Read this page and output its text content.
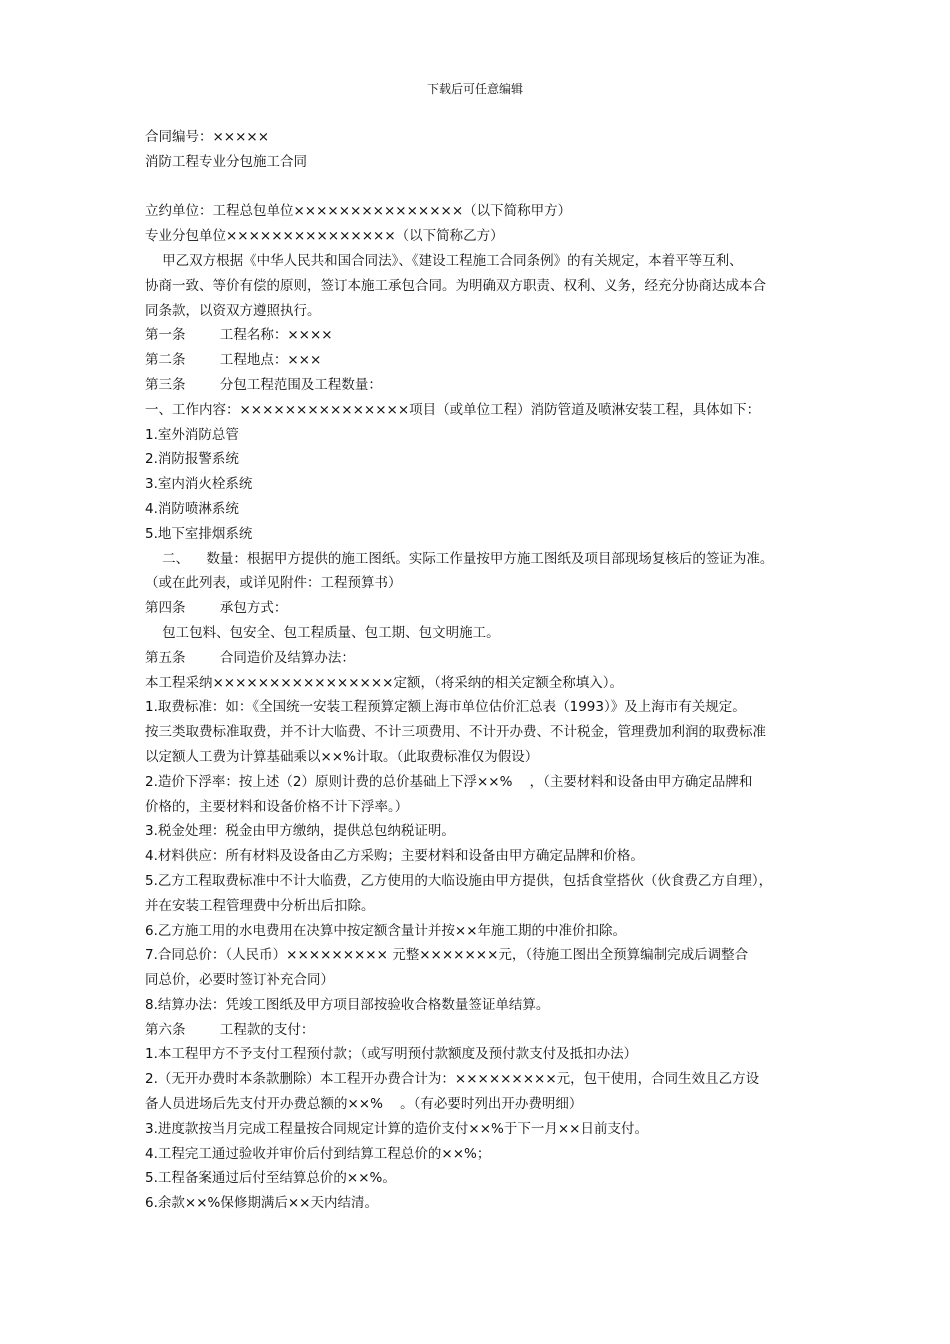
下载后可任意编辑
合同编号：×××××
消防工程专业分包施工合同
立约单位：工程总包单位×××××××××××××××（以下简称甲方）
专业分包单位×××××××××××××××（以下简称乙方）
甲乙双方根据《中华人民共和国合同法》、《建设工程施工合同条例》的有关规定，本着平等互利、
协商一致、等价有偿的原则，签订本施工承包合同。为明确双方职责、权利、义务，经充分协商达成本合
同条款，以资双方遵照执行。
第一条        工程名称：××××
第二条        工程地点：×××
第三条        分包工程范围及工程数量：
一、工作内容：×××××××××××××××项目（或单位工程）消防管道及喷淋安装工程，具体如下：
1.室外消防总管
2.消防报警系统
3.室内消火栓系统
4.消防喷淋系统
5.地下室排烟系统
二、    数量：根据甲方提供的施工图纸。实际工作量按甲方施工图纸及项目部现场复核后的签证为准。
（或在此列表，或详见附件：工程预算书）
第四条        承包方式：
包工包料、包安全、包工程质量、包工期、包文明施工。
第五条        合同造价及结算办法：
本工程采纳××××××××××××××××定额，（将采纳的相关定额全称填入）。
1.取费标准：如：《全国统一安装工程预算定额上海市单位估价汇总表（1993）》及上海市有关规定。
按三类取费标准取费，并不计大临费、不计三项费用、不计开办费、不计税金，管理费加利润的取费标准
以定额人工费为计算基础乘以××%计取。（此取费标准仅为假设）
2.造价下浮率：按上述（2）原则计费的总价基础上下浮××%    ，（主要材料和设备由甲方确定品牌和
价格的，主要材料和设备价格不计下浮率。）
3.税金处理：税金由甲方缴纳，提供总包纳税证明。
4.材料供应：所有材料及设备由乙方采购；主要材料和设备由甲方确定品牌和价格。
5.乙方工程取费标准中不计大临费，乙方使用的大临设施由甲方提供，包括食堂搭伙（伙食费乙方自理），
并在安装工程管理费中分析出后扣除。
6.乙方施工用的水电费用在决算中按定额含量计并按××年施工期的中准价扣除。
7.合同总价：（人民币）××××××××× 元整×××××××元，（待施工图出全预算编制完成后调整合
同总价，必要时签订补充合同）
8.结算办法：凭竣工图纸及甲方项目部按验收合格数量签证单结算。
第六条        工程款的支付：
1.本工程甲方不予支付工程预付款；（或写明预付款额度及预付款支付及抵扣办法）
2.（无开办费时本条款删除）本工程开办费合计为：×××××××××元，包干使用，合同生效且乙方设
备人员进场后先支付开办费总额的××%    。（有必要时列出开办费明细）
3.进度款按当月完成工程量按合同规定计算的造价支付××%于下一月××日前支付。
4.工程完工通过验收并审价后付到结算工程总价的××%；
5.工程备案通过后付至结算总价的××%。
6.余款××%保修期满后××天内结清。
